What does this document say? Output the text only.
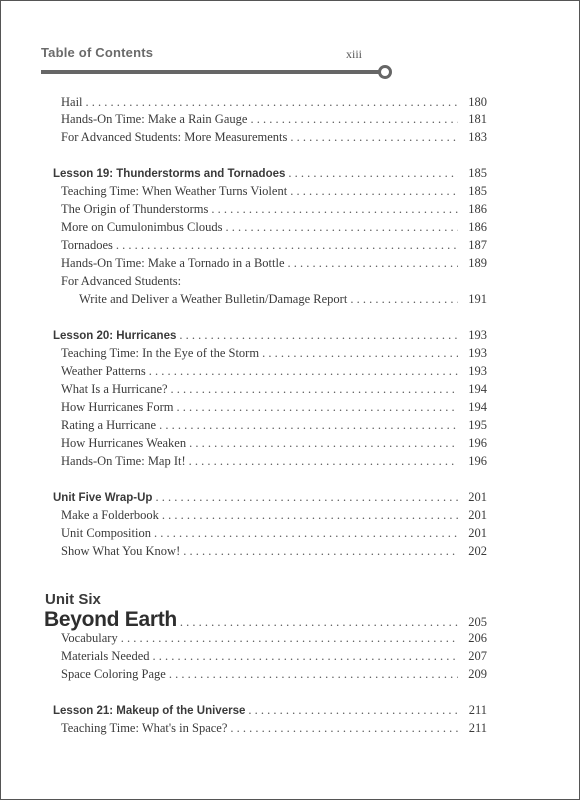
Table of Contents	xiii
Hail . . .	180
Hands-On Time: Make a Rain Gauge . . .	181
For Advanced Students: More Measurements . . .	183
Lesson 19: Thunderstorms and Tornadoes . . .	185
Teaching Time: When Weather Turns Violent . . .	185
The Origin of Thunderstorms . . .	186
More on Cumulonimbus Clouds . . .	186
Tornadoes . . .	187
Hands-On Time: Make a Tornado in a Bottle . . .	189
For Advanced Students:
Write and Deliver a Weather Bulletin/Damage Report . . .	191
Lesson 20: Hurricanes . . .	193
Teaching Time: In the Eye of the Storm . . .	193
Weather Patterns . . .	193
What Is a Hurricane? . . .	194
How Hurricanes Form . . .	194
Rating a Hurricane . . .	195
How Hurricanes Weaken . . .	196
Hands-On Time: Map It! . . .	196
Unit Five Wrap-Up . . .	201
Make a Folderbook . . .	201
Unit Composition . . .	201
Show What You Know! . . .	202
Unit Six
Beyond Earth . . .	205
Vocabulary . . .	206
Materials Needed . . .	207
Space Coloring Page . . .	209
Lesson 21: Makeup of the Universe . . .	211
Teaching Time: What's in Space? . . .	211
